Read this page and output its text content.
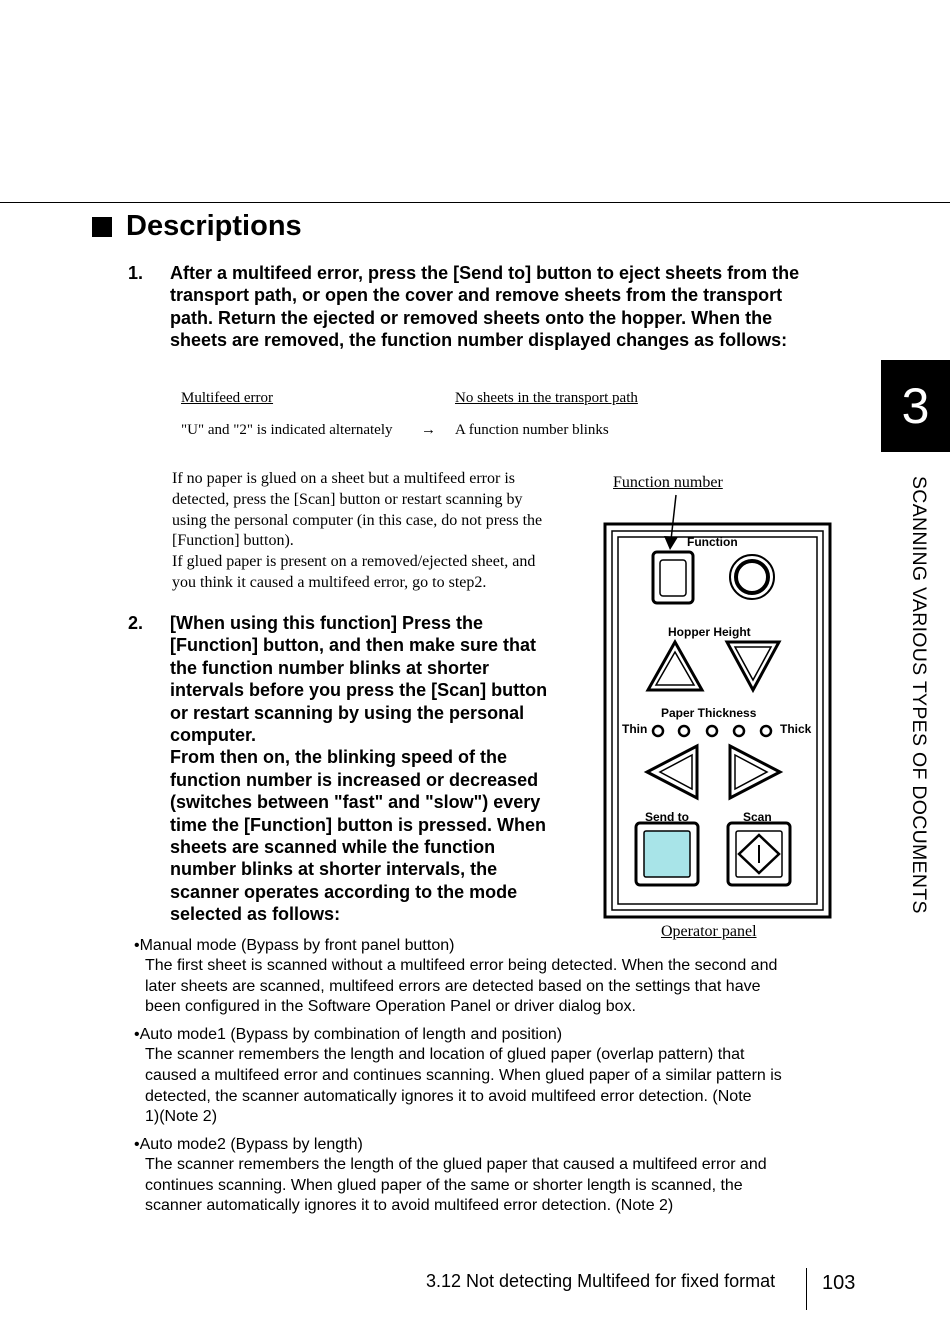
Descriptions
1. After a multifeed error, press the [Send to] button to eject sheets from the
transport path, or open the cover and remove sheets from the transport
path. Return the ejected or removed sheets onto the hopper. When the
sheets are removed, the function number displayed changes as follows:
Multifeed error	No sheets in the transport path
"U" and "2" is indicated alternately → A function number blinks
If no paper is glued on a sheet but a multifeed error is
detected, press the [Scan] button or restart scanning by
using the personal computer (in this case, do not press the
[Function] button).
If glued paper is present on a removed/ejected sheet, and
you think it caused a multifeed error, go to step2.
2. [When using this function] Press the
[Function] button, and then make sure that
the function number blinks at shorter
intervals before you press the [Scan] button
or restart scanning by using the personal
computer.
From then on, the blinking speed of the
function number is increased or decreased
(switches between "fast" and "slow") every
time the [Function] button is pressed. When
sheets are scanned while the function
number blinks at shorter intervals, the
scanner operates according to the mode
selected as follows:
Function number
Function
Hopper Height
Paper Thickness
Thin	Thick
Send to	Scan
Operator panel
•Manual mode (Bypass by front panel button)
The first sheet is scanned without a multifeed error being detected. When the second and
later sheets are scanned, multifeed errors are detected based on the settings that have
been configured in the Software Operation Panel or driver dialog box.
•Auto mode1 (Bypass by combination of length and position)
The scanner remembers the length and location of glued paper (overlap pattern) that
caused a multifeed error and continues scanning. When glued paper of a similar pattern is
detected, the scanner automatically ignores it to avoid multifeed error detection. (Note
1)(Note 2)
•Auto mode2 (Bypass by length)
The scanner remembers the length of the glued paper that caused a multifeed error and
continues scanning. When glued paper of the same or shorter length is scanned, the
scanner automatically ignores it to avoid multifeed error detection. (Note 2)
3
SCANNING VARIOUS TYPES OF DOCUMENTS
3.12 Not detecting Multifeed for fixed format 103
